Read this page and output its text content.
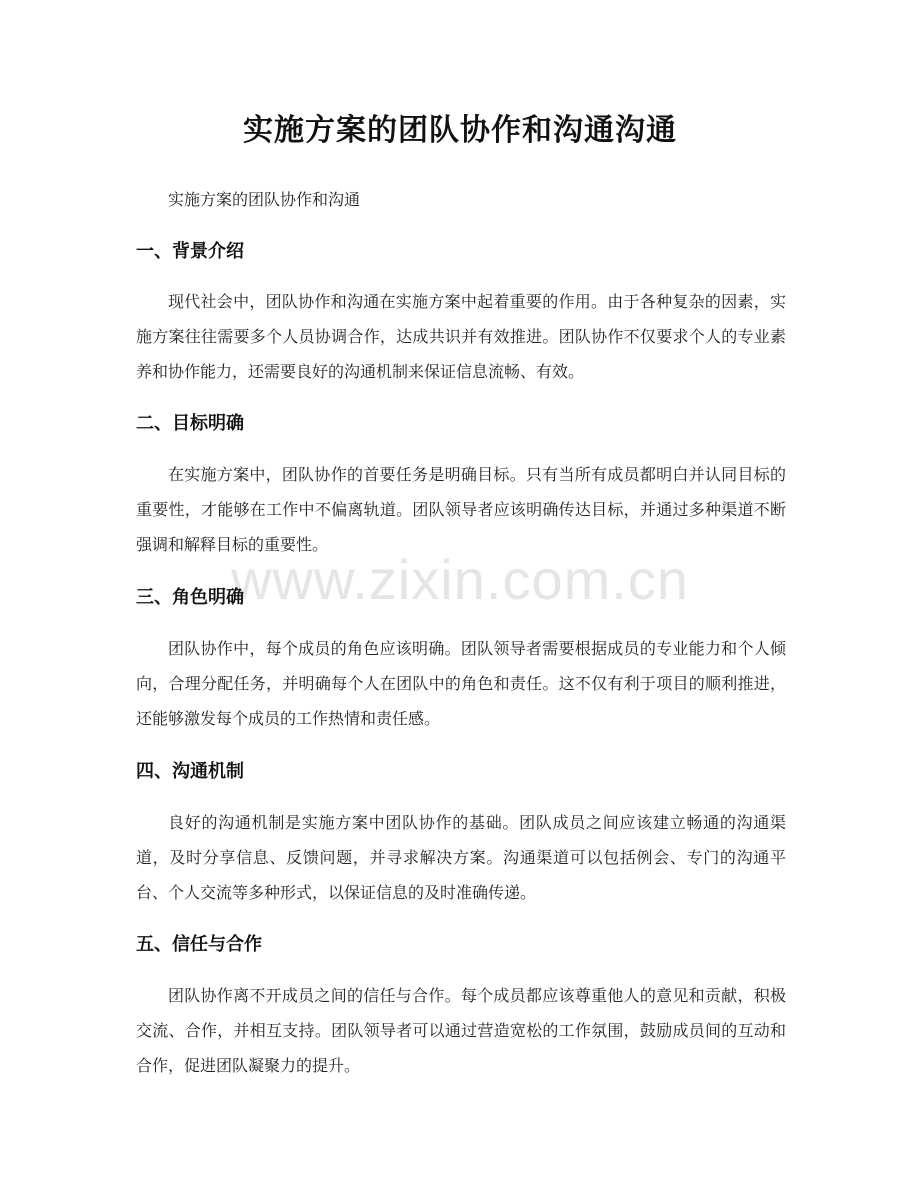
www.zixin.com.cn
实施方案的团队协作和沟通沟通
实施方案的团队协作和沟通
一、背景介绍

现代社会中，团队协作和沟通在实施方案中起着重要的作用。由于各种复杂的因素，实施方案往往需要多个人员协调合作，达成共识并有效推进。团队协作不仅要求个人的专业素养和协作能力，还需要良好的沟通机制来保证信息流畅、有效。

二、目标明确

在实施方案中，团队协作的首要任务是明确目标。只有当所有成员都明白并认同目标的重要性，才能够在工作中不偏离轨道。团队领导者应该明确传达目标，并通过多种渠道不断强调和解释目标的重要性。

三、角色明确

团队协作中，每个成员的角色应该明确。团队领导者需要根据成员的专业能力和个人倾向，合理分配任务，并明确每个人在团队中的角色和责任。这不仅有利于项目的顺利推进，还能够激发每个成员的工作热情和责任感。

四、沟通机制

良好的沟通机制是实施方案中团队协作的基础。团队成员之间应该建立畅通的沟通渠道，及时分享信息、反馈问题，并寻求解决方案。沟通渠道可以包括例会、专门的沟通平台、个人交流等多种形式，以保证信息的及时准确传递。

五、信任与合作

团队协作离不开成员之间的信任与合作。每个成员都应该尊重他人的意见和贡献，积极交流、合作，并相互支持。团队领导者可以通过营造宽松的工作氛围，鼓励成员间的互动和合作，促进团队凝聚力的提升。
